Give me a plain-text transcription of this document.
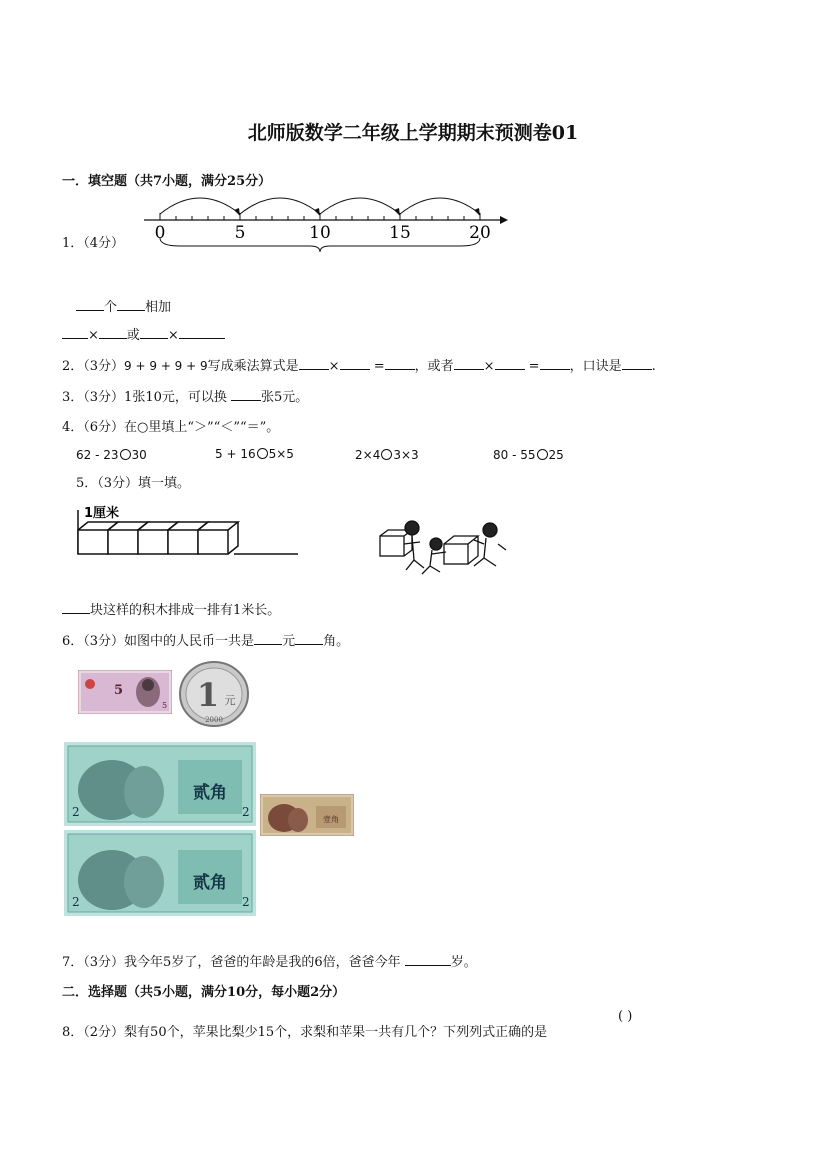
北师版数学二年级上学期期末预测卷01
一．填空题（共7小题，满分25分）
1．（4分）
0	5	10	15	20
个 相加
× 或 ×
2．（3分）9 + 9 + 9 + 9写成乘法算式是 ×	= ，或者 ×	= ，口诀是 .
3．（3分）1张10元，可以换	张5元。
4．（6分）在○里填上“＞”“＜”“＝”。
62 - 23 30	5 + 16 5×5	2×4 3×3	80 - 55 25
5．（3分）填一填。
1厘米
块这样的积木排成一排有1米长。
6．（3分）如图中的人民币一共是 元 角。
5
5 1 元
2000
贰角
2
2
贰角
2
2
壹角
7．（3分）我今年5岁了，爸爸的年龄是我的6倍，爸爸今年	岁。
二．选择题（共5小题，满分10分，每小题2分）
8．（2分）梨有50个，苹果比梨少15个，求梨和苹果一共有几个？下列列式正确的是
( )
